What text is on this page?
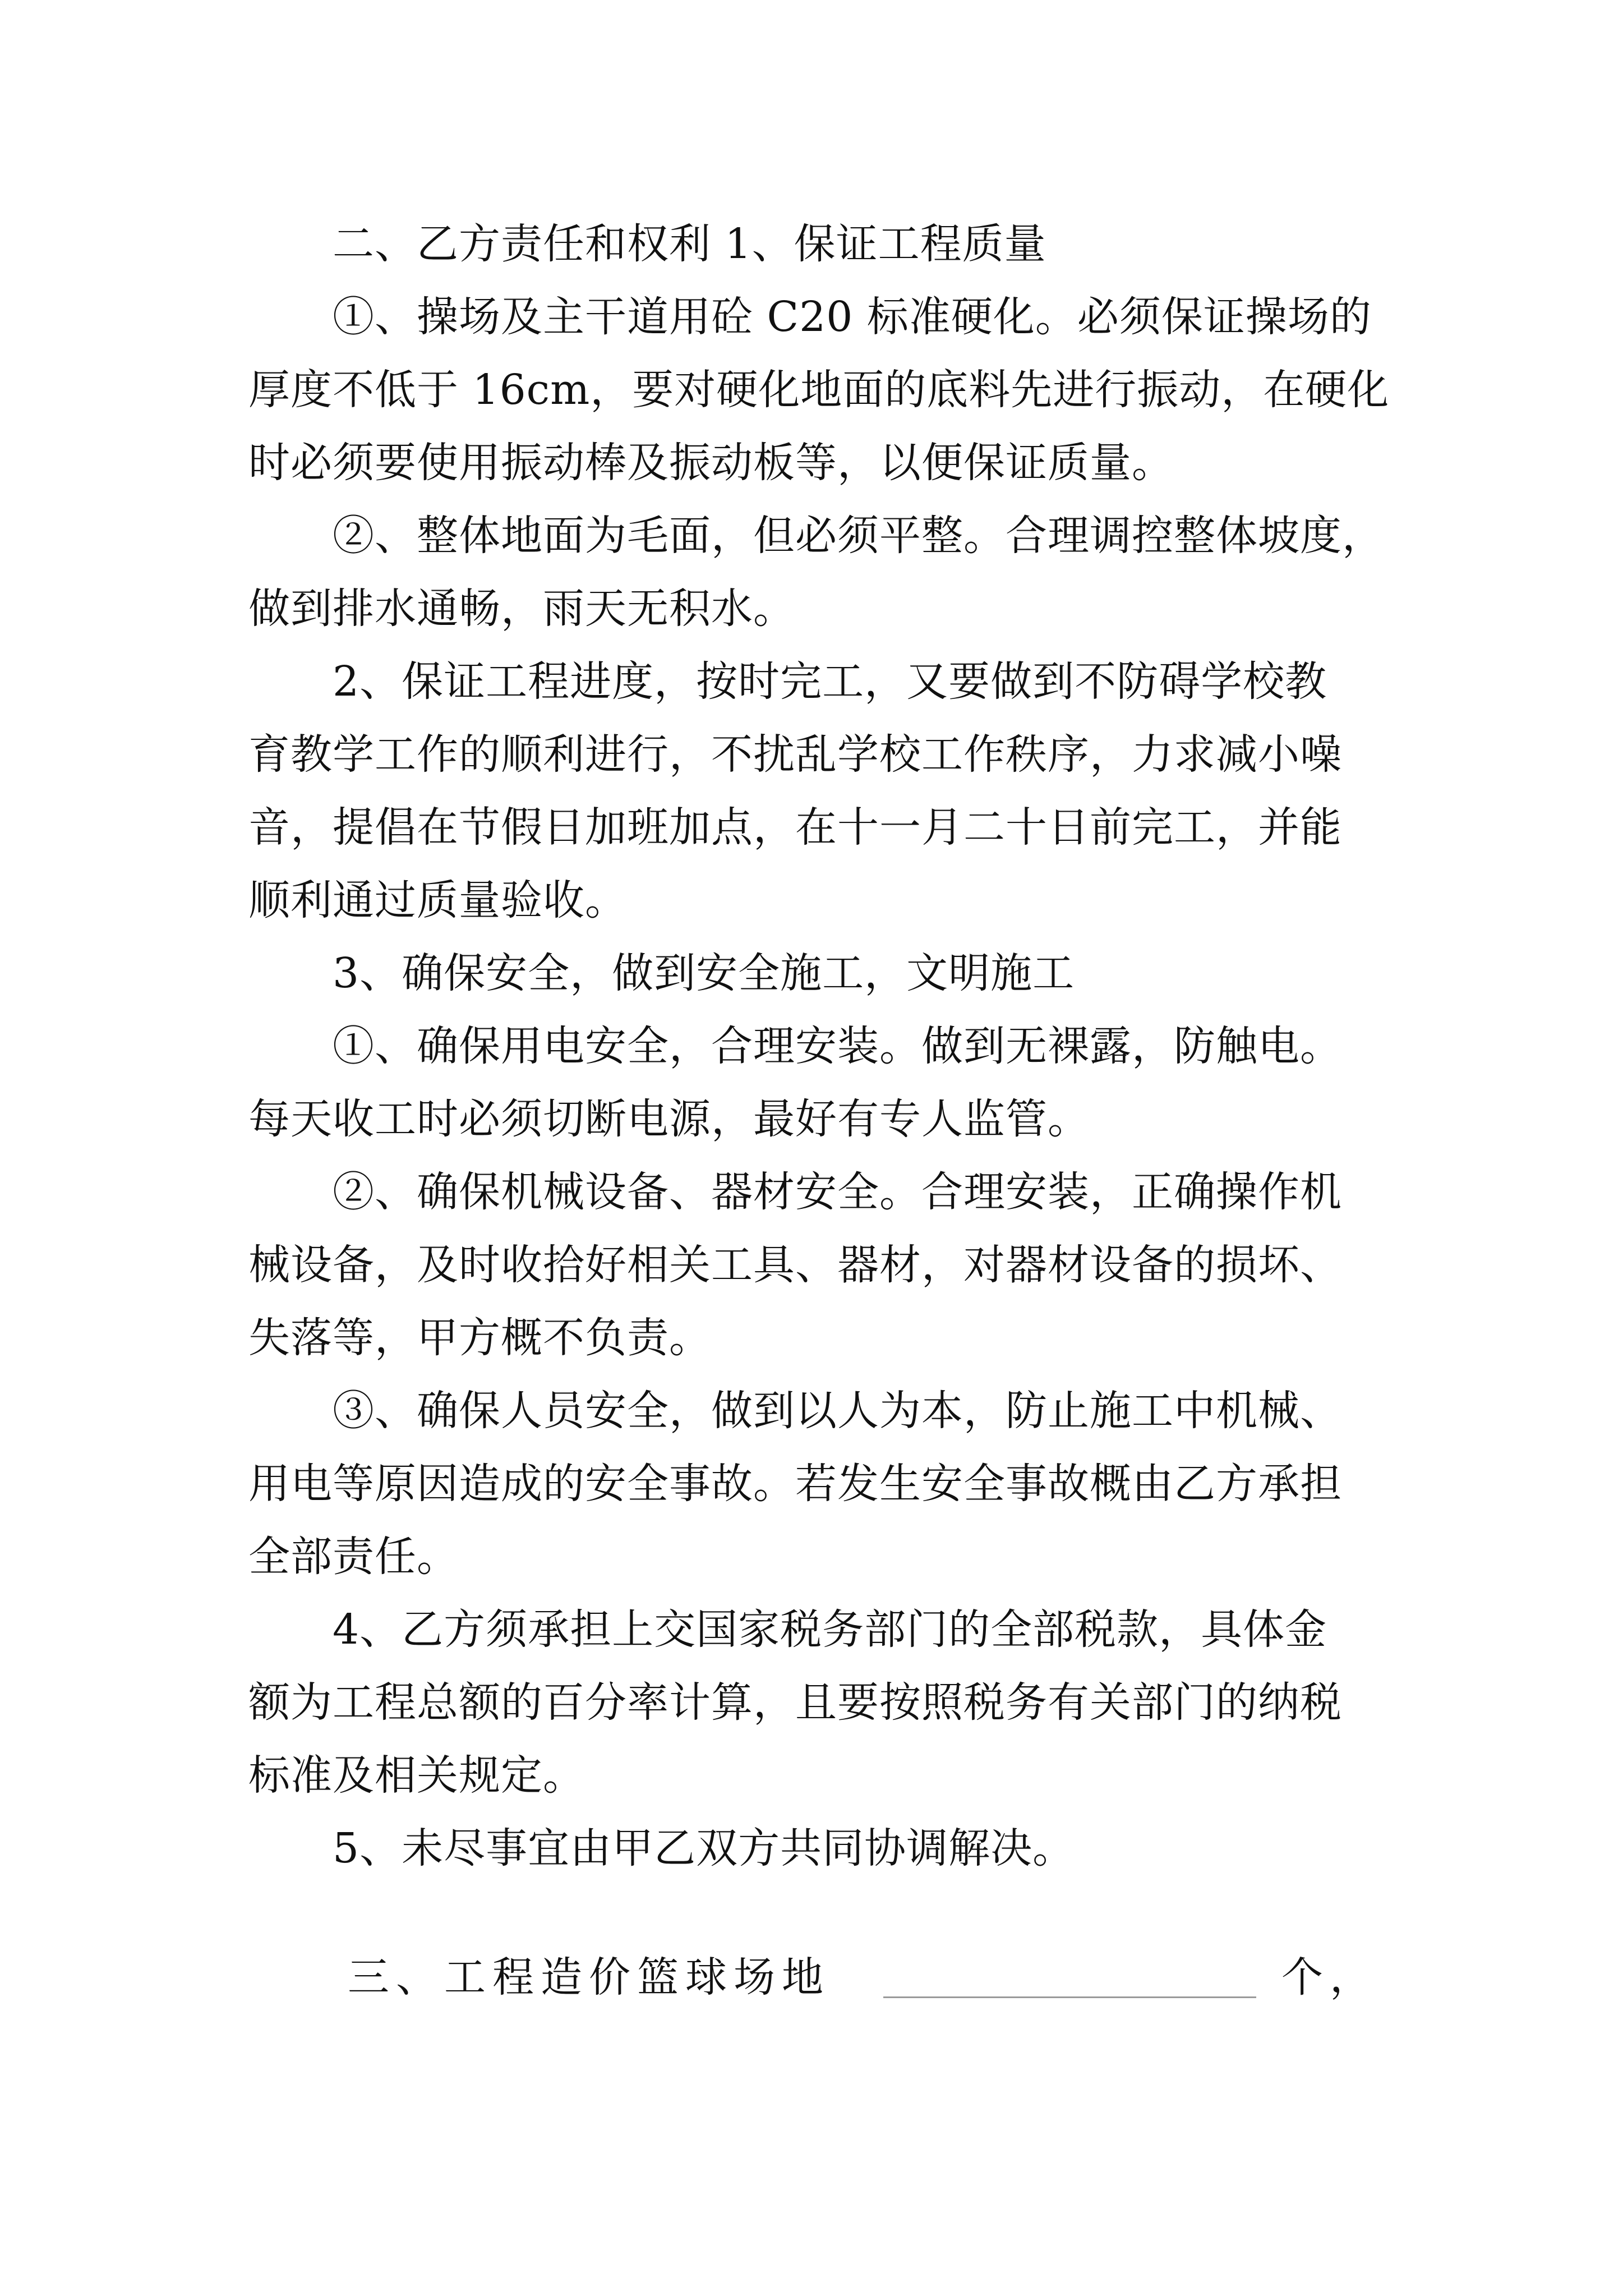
二、乙方责任和权利 1、保证工程质量
①、操场及主干道用砼 C20 标准硬化。必须保证操场的
厚度不低于 16cm，要对硬化地面的底料先进行振动，在硬化
时必须要使用振动棒及振动板等，以便保证质量。
②、整体地面为毛面，但必须平整。合理调控整体坡度，
做到排水通畅，雨天无积水。
2、保证工程进度，按时完工，又要做到不防碍学校教
育教学工作的顺利进行，不扰乱学校工作秩序，力求减小噪
音，提倡在节假日加班加点，在十一月二十日前完工，并能
顺利通过质量验收。
3、确保安全，做到安全施工，文明施工
①、确保用电安全，合理安装。做到无裸露，防触电。
每天收工时必须切断电源，最好有专人监管。
②、确保机械设备、器材安全。合理安装，正确操作机
械设备，及时收拾好相关工具、器材，对器材设备的损坏、
失落等，甲方概不负责。
③、确保人员安全，做到以人为本，防止施工中机械、
用电等原因造成的安全事故。若发生安全事故概由乙方承担
全部责任。
4、乙方须承担上交国家税务部门的全部税款，具体金
额为工程总额的百分率计算，且要按照税务有关部门的纳税
标准及相关规定。
5、未尽事宜由甲乙双方共同协调解决。
三、工程造价篮球场地	个，
